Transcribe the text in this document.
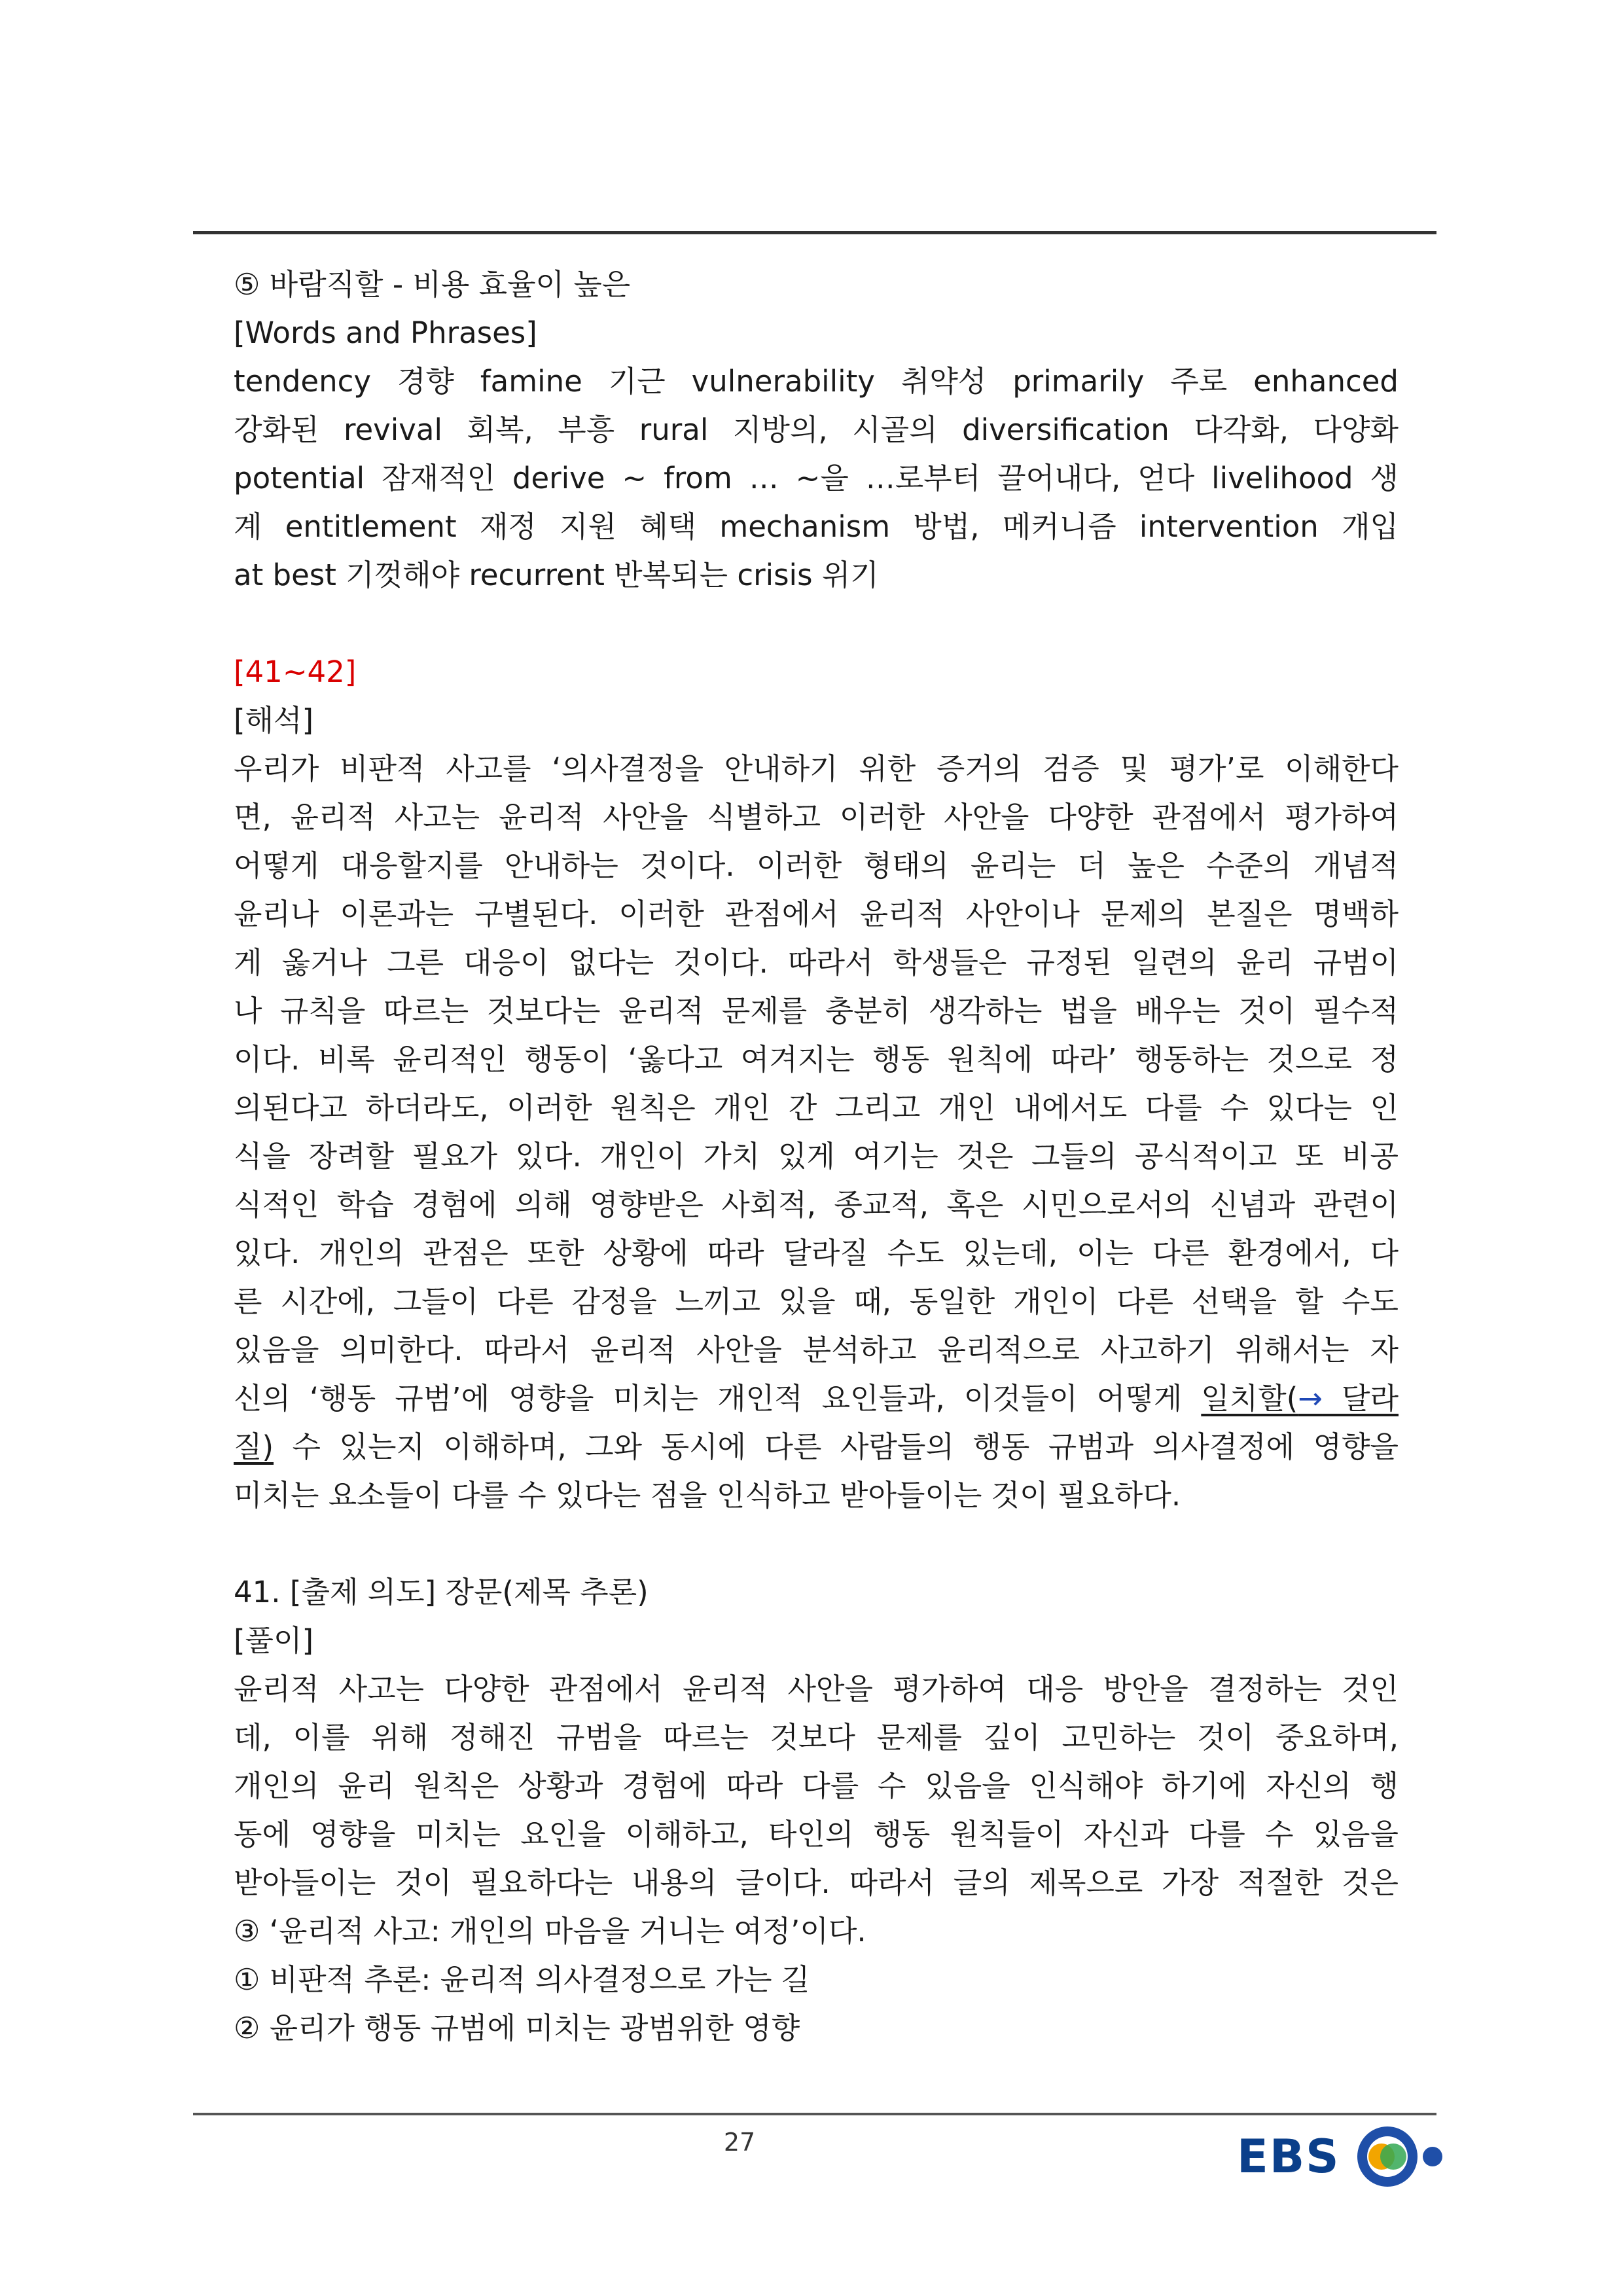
⑤ 바람직할 - 비용 효율이 높은

[Words and Phrases]

tendency 경향 famine 기근 vulnerability 취약성 primarily 주로 enhanced

강화된 revival 회복, 부흥 rural 지방의, 시골의 diversification 다각화, 다양화

potential 잠재적인 derive ~ from … ~을 …로부터 끌어내다, 얻다 livelihood 생

계 entitlement 재정 지원 혜택 mechanism 방법, 메커니즘 intervention 개입

at best 기껏해야 recurrent 반복되는 crisis 위기

[41~42]

[해석]

우리가 비판적 사고를 ‘의사결정을 안내하기 위한 증거의 검증 및 평가’로 이해한다

면, 윤리적 사고는 윤리적 사안을 식별하고 이러한 사안을 다양한 관점에서 평가하여

어떻게 대응할지를 안내하는 것이다. 이러한 형태의 윤리는 더 높은 수준의 개념적

윤리나 이론과는 구별된다. 이러한 관점에서 윤리적 사안이나 문제의 본질은 명백하

게 옳거나 그른 대응이 없다는 것이다. 따라서 학생들은 규정된 일련의 윤리 규범이

나 규칙을 따르는 것보다는 윤리적 문제를 충분히 생각하는 법을 배우는 것이 필수적

이다. 비록 윤리적인 행동이 ‘옳다고 여겨지는 행동 원칙에 따라’ 행동하는 것으로 정

의된다고 하더라도, 이러한 원칙은 개인 간 그리고 개인 내에서도 다를 수 있다는 인

식을 장려할 필요가 있다. 개인이 가치 있게 여기는 것은 그들의 공식적이고 또 비공

식적인 학습 경험에 의해 영향받은 사회적, 종교적, 혹은 시민으로서의 신념과 관련이

있다. 개인의 관점은 또한 상황에 따라 달라질 수도 있는데, 이는 다른 환경에서, 다

른 시간에, 그들이 다른 감정을 느끼고 있을 때, 동일한 개인이 다른 선택을 할 수도

있음을 의미한다. 따라서 윤리적 사안을 분석하고 윤리적으로 사고하기 위해서는 자

신의 ‘행동 규범’에 영향을 미치는 개인적 요인들과, 이것들이 어떻게 일치할(→ 달라

질) 수 있는지 이해하며, 그와 동시에 다른 사람들의 행동 규범과 의사결정에 영향을

미치는 요소들이 다를 수 있다는 점을 인식하고 받아들이는 것이 필요하다.

41. [출제 의도] 장문(제목 추론)

[풀이]

윤리적 사고는 다양한 관점에서 윤리적 사안을 평가하여 대응 방안을 결정하는 것인

데, 이를 위해 정해진 규범을 따르는 것보다 문제를 깊이 고민하는 것이 중요하며,

개인의 윤리 원칙은 상황과 경험에 따라 다를 수 있음을 인식해야 하기에 자신의 행

동에 영향을 미치는 요인을 이해하고, 타인의 행동 원칙들이 자신과 다를 수 있음을

받아들이는 것이 필요하다는 내용의 글이다. 따라서 글의 제목으로 가장 적절한 것은

③ ‘윤리적 사고: 개인의 마음을 거니는 여정’이다.

① 비판적 추론: 윤리적 의사결정으로 가는 길

② 윤리가 행동 규범에 미치는 광범위한 영향

27	EBS
